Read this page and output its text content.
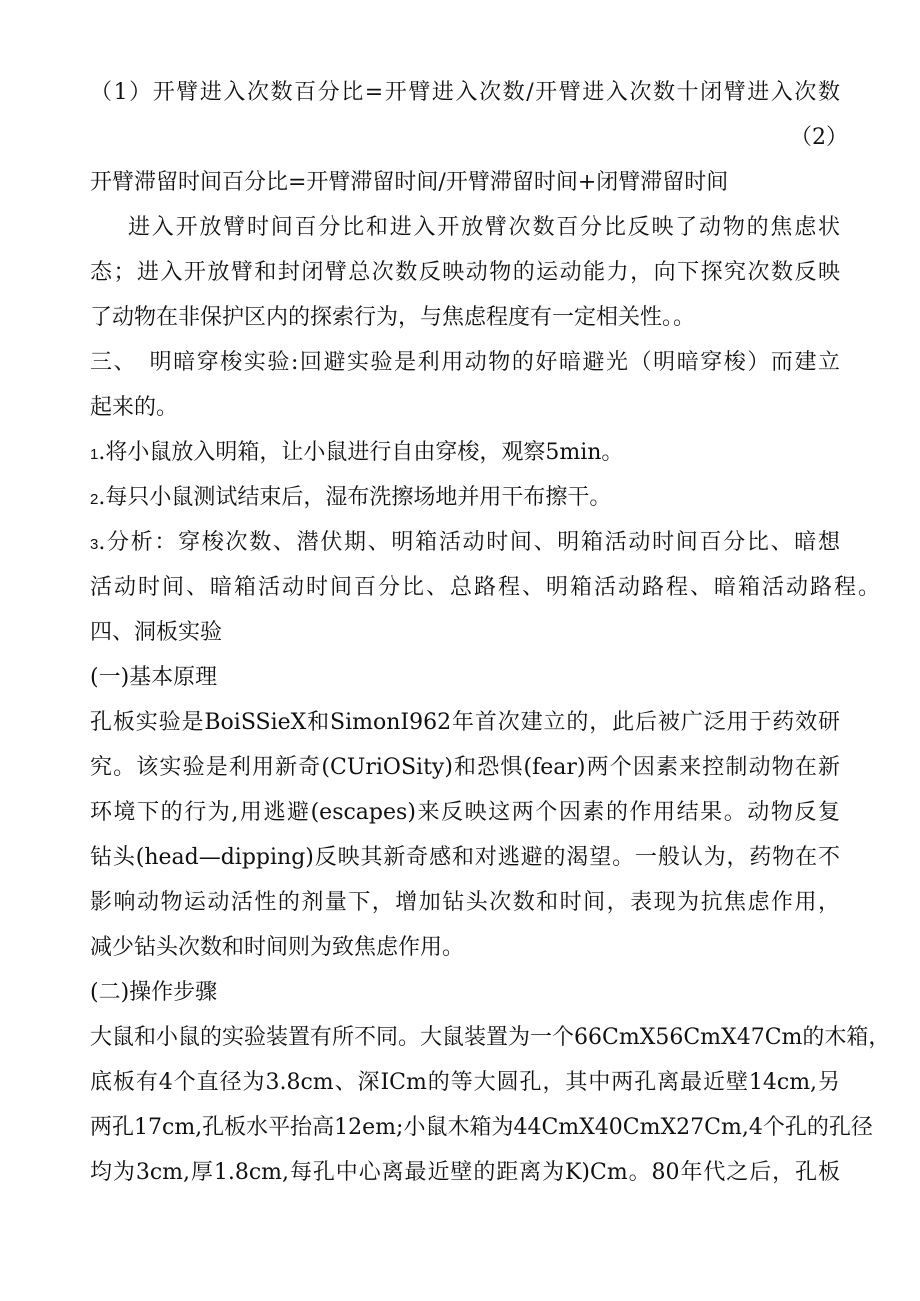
（1）开臂进入次数百分比=开臂进入次数/开臂进入次数十闭臂进入次数
（2）
开臂滞留时间百分比=开臂滞留时间/开臂滞留时间+闭臂滞留时间
进入开放臂时间百分比和进入开放臂次数百分比反映了动物的焦虑状
态；进入开放臂和封闭臂总次数反映动物的运动能力，向下探究次数反映
了动物在非保护区内的探索行为，与焦虑程度有一定相关性。。
三、　明暗穿梭实验:回避实验是利用动物的好暗避光（明暗穿梭）而建立
起来的。
1.将小鼠放入明箱，让小鼠进行自由穿梭，观察5min。
2.每只小鼠测试结束后，湿布洗擦场地并用干布擦干。
3.分析：穿梭次数、潜伏期、明箱活动时间、明箱活动时间百分比、暗想
活动时间、暗箱活动时间百分比、总路程、明箱活动路程、暗箱活动路程。
四、洞板实验
(一)基本原理
孔板实验是BoiSSieX和SimonI962年首次建立的，此后被广泛用于药效研
究。该实验是利用新奇(CUriOSity)和恐惧(fear)两个因素来控制动物在新
环境下的行为,用逃避(escapes)来反映这两个因素的作用结果。动物反复
钻头(head—dipping)反映其新奇感和对逃避的渴望。一般认为，药物在不
影响动物运动活性的剂量下，增加钻头次数和时间，表现为抗焦虑作用，
减少钻头次数和时间则为致焦虑作用。
(二)操作步骤
大鼠和小鼠的实验装置有所不同。大鼠装置为一个66CmX56CmX47Cm的木箱，
底板有4个直径为3.8cm、深ICm的等大圆孔，其中两孔离最近壁14cm,另
两孔17cm,孔板水平抬高12em;小鼠木箱为44CmX40CmX27Cm,4个孔的孔径
均为3cm,厚1.8cm,每孔中心离最近壁的距离为K)Cm。80年代之后，孔板
